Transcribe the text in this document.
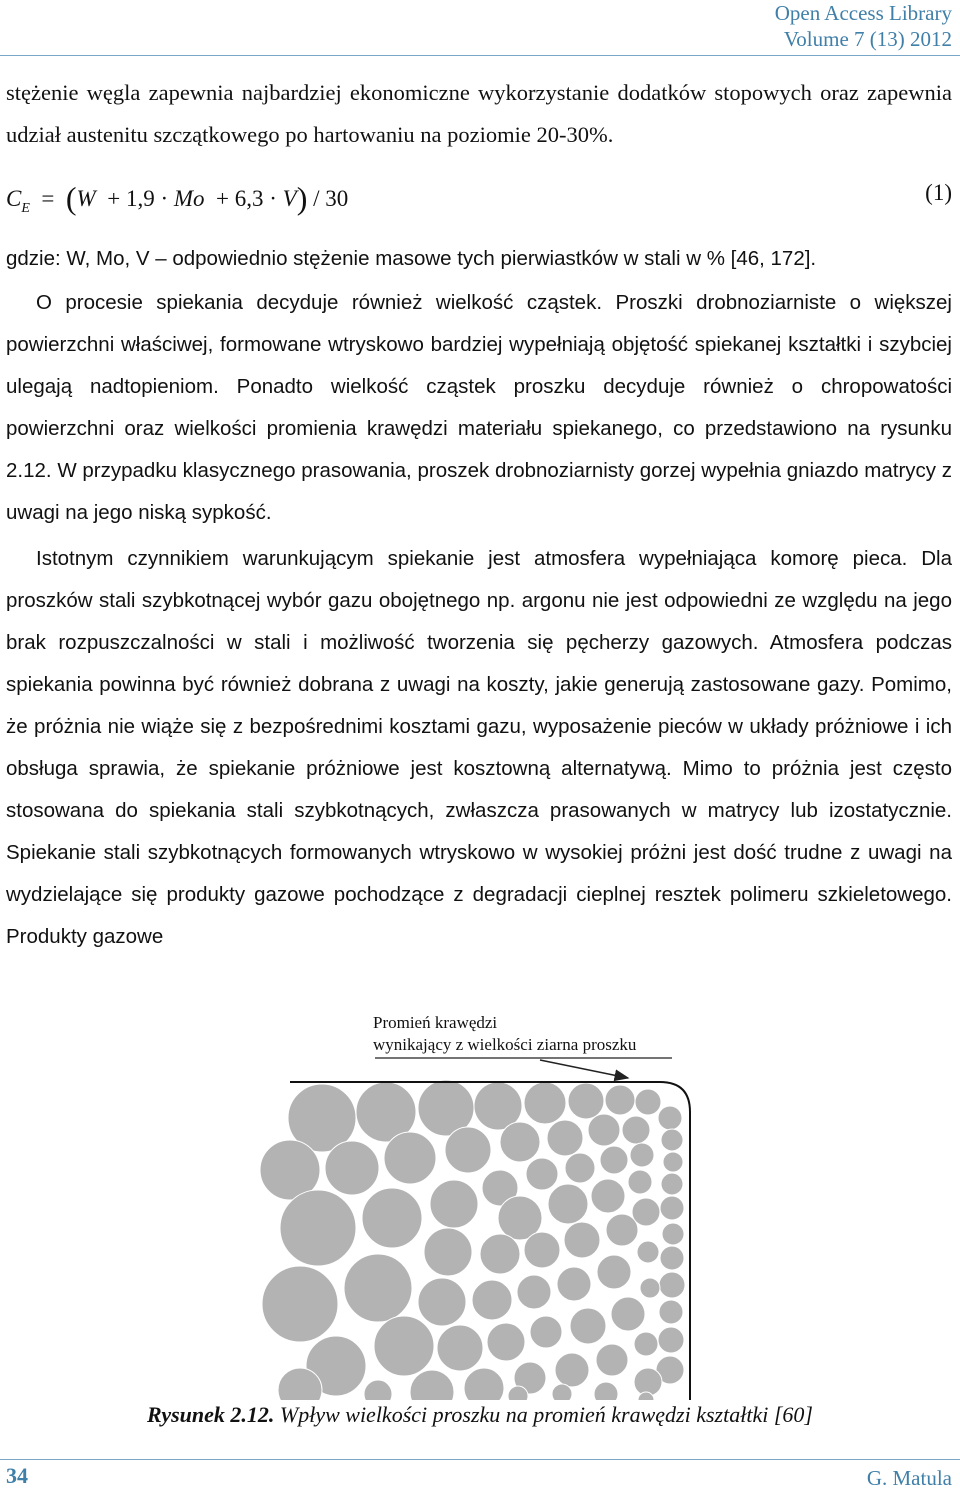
Open Access Library
Volume 7 (13) 2012

stężenie węgla zapewnia najbardziej ekonomiczne wykorzystanie dodatków stopowych oraz zapewnia udział austenitu szczątkowego po hartowaniu na poziomie 20-30%.

$C_E = (W + 1,9 \cdot Mo + 6,3 \cdot V) / 30$	(1)

gdzie: W, Mo, V – odpowiednio stężenie masowe tych pierwiastków w stali w % [46, 172].

O procesie spiekania decyduje również wielkość cząstek. Proszki drobnoziarniste o większej powierzchni właściwej, formowane wtryskowo bardziej wypełniają objętość spiekanej kształtki i szybciej ulegają nadtopieniom. Ponadto wielkość cząstek proszku decyduje również o chropowatości powierzchni oraz wielkości promienia krawędzi materiału spiekanego, co przedstawiono na rysunku 2.12. W przypadku klasycznego prasowania, proszek drobnoziarnisty gorzej wypełnia gniazdo matrycy z uwagi na jego niską sypkość.

Istotnym czynnikiem warunkującym spiekanie jest atmosfera wypełniająca komorę pieca. Dla proszków stali szybkotnącej wybór gazu obojętnego np. argonu nie jest odpowiedni ze względu na jego brak rozpuszczalności w stali i możliwość tworzenia się pęcherzy gazowych. Atmosfera podczas spiekania powinna być również dobrana z uwagi na koszty, jakie generują zastosowane gazy. Pomimo, że próżnia nie wiąże się z bezpośrednimi kosztami gazu, wyposażenie pieców w układy próżniowe i ich obsługa sprawia, że spiekanie próżniowe jest kosztowną alternatywą. Mimo to próżnia jest często stosowana do spiekania stali szybkotnących, zwłaszcza prasowanych w matrycy lub izostatycznie. Spiekanie stali szybkotnących formowanych wtryskowo w wysokiej próżni jest dość trudne z uwagi na wydzielające się produkty gazowe pochodzące z degradacji cieplnej resztek polimeru szkieletowego. Produkty gazowe

Promień krawędzi
wynikający z wielkości ziarna proszku
Rysunek 2.12. Wpływ wielkości proszku na promień krawędzi kształtki [60]
34	G. Matula
